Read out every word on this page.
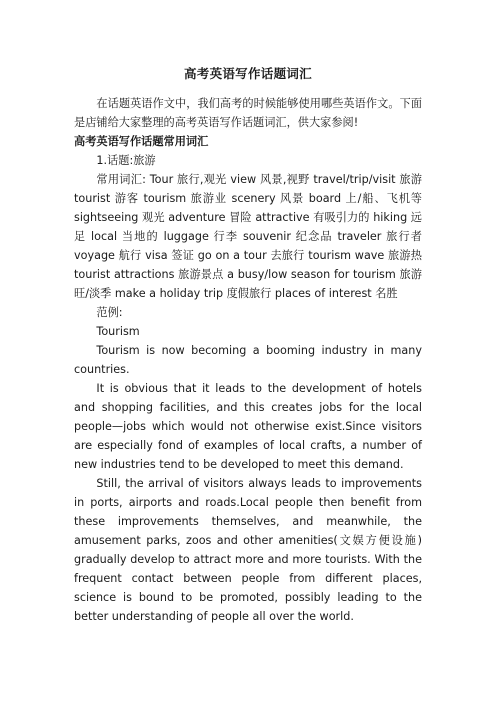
高考英语写作话题词汇

在话题英语作文中，我们高考的时候能够使用哪些英语作文。下面是店铺给大家整理的高考英语写作话题词汇，供大家参阅!

高考英语写作话题常用词汇

1.话题:旅游

常用词汇: Tour 旅行,观光 view 风景,视野 travel/trip/visit 旅游 tourist 游客 tourism 旅游业 scenery 风景 board 上/船、飞机等 sightseeing 观光 adventure 冒险 attractive 有吸引力的 hiking 远足 local 当地的 luggage 行李 souvenir 纪念品 traveler 旅行者 voyage 航行 visa 签证 go on a tour 去旅行 tourism wave 旅游热 tourist attractions 旅游景点 a busy/low season for tourism 旅游旺/淡季 make a holiday trip 度假旅行 places of interest 名胜

范例:

Tourism

Tourism is now becoming a booming industry in many countries.

It is obvious that it leads to the development of hotels and shopping facilities, and this creates jobs for the local people—jobs which would not otherwise exist.Since visitors are especially fond of examples of local crafts, a number of new industries tend to be developed to meet this demand.

Still, the arrival of visitors always leads to improvements in ports, airports and roads.Local people then benefit from these improvements themselves, and meanwhile, the amusement parks, zoos and other amenities(文娱方便设施) gradually develop to attract more and more tourists. With the frequent contact between people from different places, science is bound to be promoted, possibly leading to the better understanding of people all over the world.
